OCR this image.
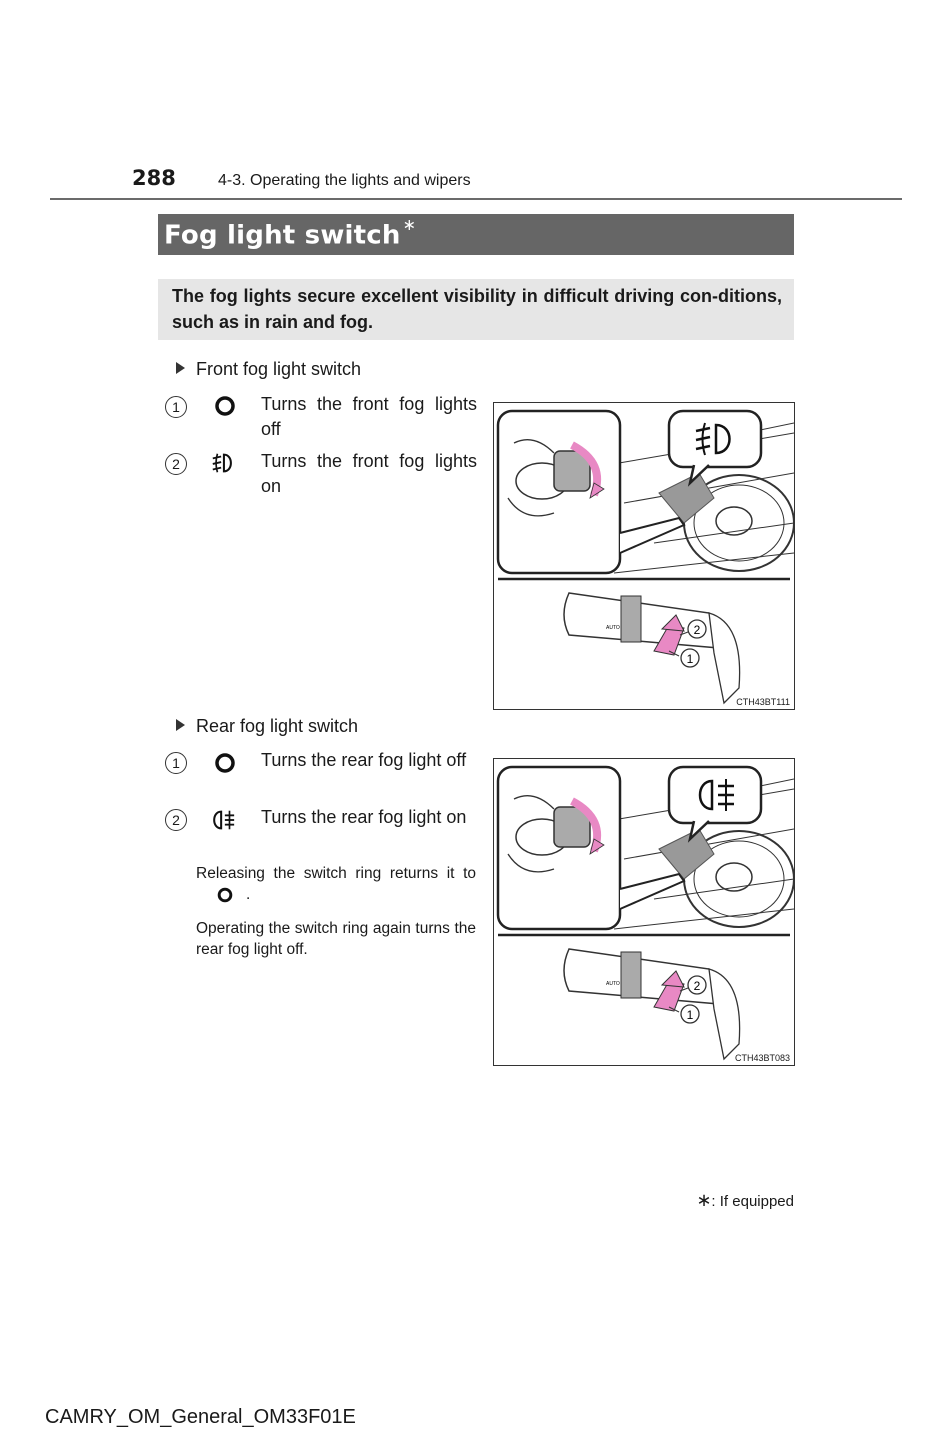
288	4-3. Operating the lights and wipers
Fog light switch ∗
The fog lights secure excellent visibility in difficult driving con-ditions, such as in rain and fog.
Front fog light switch
1	Turns the front fog lights off
2	Turns the front fog lights on
2
1
AUTO
CTH43BT111
Rear fog light switch
1	Turns the rear fog light off
2	Turns the rear fog light on
Releasing the switch ring returns it to.
Operating the switch ring again turns the rear fog light off.
2
1
AUTO
CTH43BT083
∗: If equipped
CAMRY_OM_General_OM33F01E
